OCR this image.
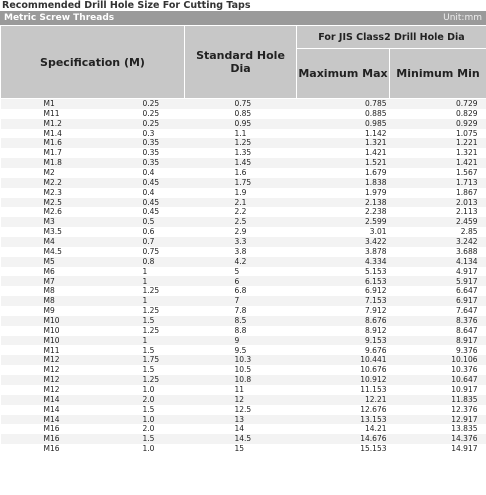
Recommended Drill Hole Size For Cutting Taps
Metric Screw Threads	Unit:mm
Specification (M)		Standard Hole Dia	For JIS Class2 Drill Hole Dia	
			Maximum Max	Minimum Min
M1	0.25	0.75	0.785	0.729
M11	0.25	0.85	0.885	0.829
M1.2	0.25	0.95	0.985	0.929
M1.4	0.3	1.1	1.142	1.075
M1.6	0.35	1.25	1.321	1.221
M1.7	0.35	1.35	1.421	1.321
M1.8	0.35	1.45	1.521	1.421
M2	0.4	1.6	1.679	1.567
M2.2	0.45	1.75	1.838	1.713
M2.3	0.4	1.9	1.979	1.867
M2.5	0.45	2.1	2.138	2.013
M2.6	0.45	2.2	2.238	2.113
M3	0.5	2.5	2.599	2.459
M3.5	0.6	2.9	3.01	2.85
M4	0.7	3.3	3.422	3.242
M4.5	0.75	3.8	3.878	3.688
M5	0.8	4.2	4.334	4.134
M6	1	5	5.153	4.917
M7	1	6	6.153	5.917
M8	1.25	6.8	6.912	6.647
M8	1	7	7.153	6.917
M9	1.25	7.8	7.912	7.647
M10	1.5	8.5	8.676	8.376
M10	1.25	8.8	8.912	8.647
M10	1	9	9.153	8.917
M11	1.5	9.5	9.676	9.376
M12	1.75	10.3	10.441	10.106
M12	1.5	10.5	10.676	10.376
M12	1.25	10.8	10.912	10.647
M12	1.0	11	11.153	10.917
M14	2.0	12	12.21	11.835
M14	1.5	12.5	12.676	12.376
M14	1.0	13	13.153	12.917
M16	2.0	14	14.21	13.835
M16	1.5	14.5	14.676	14.376
M16	1.0	15	15.153	14.917
